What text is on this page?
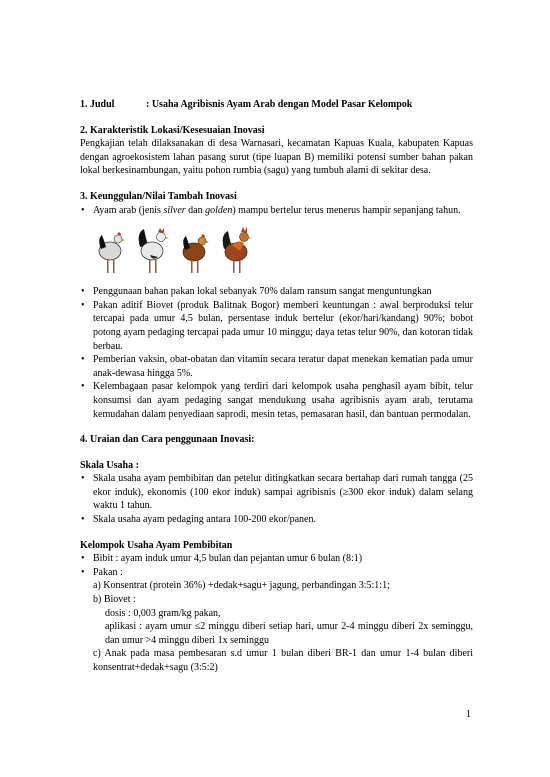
1. Judul	: Usaha Agribisnis Ayam Arab dengan Model Pasar Kelompok
2. Karakteristik Lokasi/Kesesuaian Inovasi

Pengkajian telah dilaksanakan di desa Warnasari, kecamatan Kapuas Kuala, kabupaten Kapuas dengan agroekosistem lahan pasang surut (tipe luapan B) memiliki potensi sumber bahan pakan lokal berkesinambungan, yaitu pohon rumbia (sagu) yang tumbuh alami di sekitar desa.

3. Keunggulan/Nilai Tambah Inovasi
• Ayam arab (jenis silver dan golden) mampu bertelur terus menerus hampir sepanjang tahun.
• Penggunaan bahan pakan lokal sebanyak 70% dalam ransum sangat menguntungkan
• Pakan aditif Biovet (produk Balitnak Bogor) memberi keuntungan : awal berproduksi telur tercapai pada umur 4,5 bulan, persentase induk bertelur (ekor/hari/kandang) 90%; bobot potong ayam pedaging tercapai pada umur 10 minggu; daya tetas telur 90%, dan kotoran tidak berbau.
• Pemberian vaksin, obat-obatan dan vitamin secara teratur dapat menekan kematian pada umur anak-dewasa hingga 5%.
• Kelembagaan pasar kelompok yang terdiri dari kelompok usaha penghasil ayam bibit, telur konsumsi dan ayam pedaging sangat mendukung usaha agribisnis ayam arab, terutama kemudahan dalam penyediaan saprodi, mesin tetas, pemasaran hasil, dan bantuan permodalan.
4. Uraian dan Cara penggunaan Inovasi:

Skala Usaha :

• Skala usaha ayam pembibitan dan petelur ditingkatkan secara bertahap dari rumah tangga (25 ekor induk), ekonomis (100 ekor induk) sampai agribisnis (≥300 ekor induk) dalam selang waktu 1 tahun.
• Skala usaha ayam pedaging antara 100-200 ekor/panen.

Kelompok Usaha Ayam Pembibitan

• Bibit : ayam induk umur 4,5 bulan dan pejantan umur 6 bulan (8:1)
• Pakan :

a) Konsentrat (protein 36%) +dedak+sagu+ jagung, perbandingan 3:5:1:1;

b) Biovet :

dosis : 0,003 gram/kg pakan,

aplikasi : ayam umur ≤2 minggu diberi setiap hari, umur 2-4 minggu diberi 2x seminggu, dan umur >4 minggu diberi 1x seminggu

c) Anak pada masa pembesaran s.d umur 1 bulan diberi BR-1 dan umur 1-4 bulan diberi konsentrat+dedak+sagu (3:5:2)

1
